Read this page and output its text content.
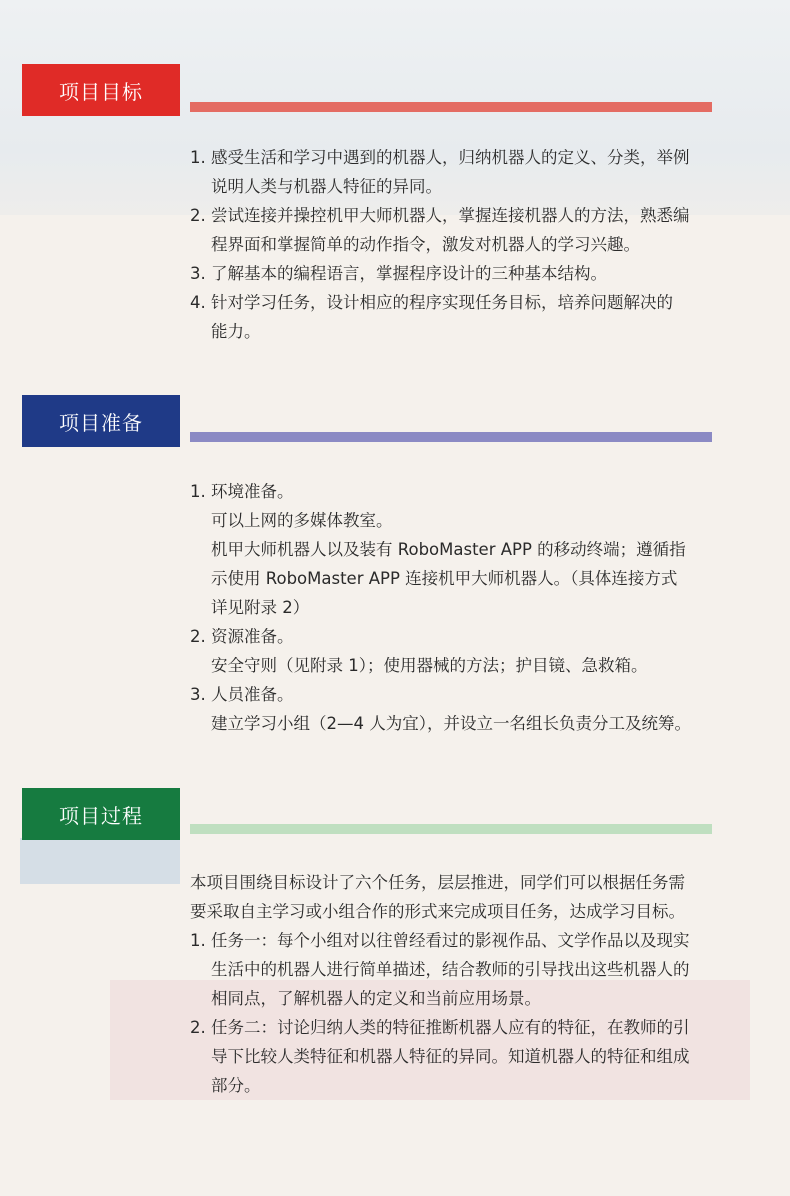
项目目标

1. 感受生活和学习中遇到的机器人，归纳机器人的定义、分类，举例

说明人类与机器人特征的异同。

2. 尝试连接并操控机甲大师机器人，掌握连接机器人的方法，熟悉编

程界面和掌握简单的动作指令，激发对机器人的学习兴趣。

3. 了解基本的编程语言，掌握程序设计的三种基本结构。

4. 针对学习任务，设计相应的程序实现任务目标，培养问题解决的

能力。

项目准备

1. 环境准备。

可以上网的多媒体教室。

机甲大师机器人以及装有 RoboMaster APP 的移动终端；遵循指

示使用 RoboMaster APP 连接机甲大师机器人。（具体连接方式

详见附录 2）

2. 资源准备。

安全守则（见附录 1）；使用器械的方法；护目镜、急救箱。

3. 人员准备。

建立学习小组（2—4 人为宜），并设立一名组长负责分工及统筹。

项目过程

本项目围绕目标设计了六个任务，层层推进，同学们可以根据任务需

要采取自主学习或小组合作的形式来完成项目任务，达成学习目标。

1. 任务一：每个小组对以往曾经看过的影视作品、文学作品以及现实

生活中的机器人进行简单描述，结合教师的引导找出这些机器人的

相同点，了解机器人的定义和当前应用场景。

2. 任务二：讨论归纳人类的特征推断机器人应有的特征，在教师的引

导下比较人类特征和机器人特征的异同。知道机器人的特征和组成

部分。
